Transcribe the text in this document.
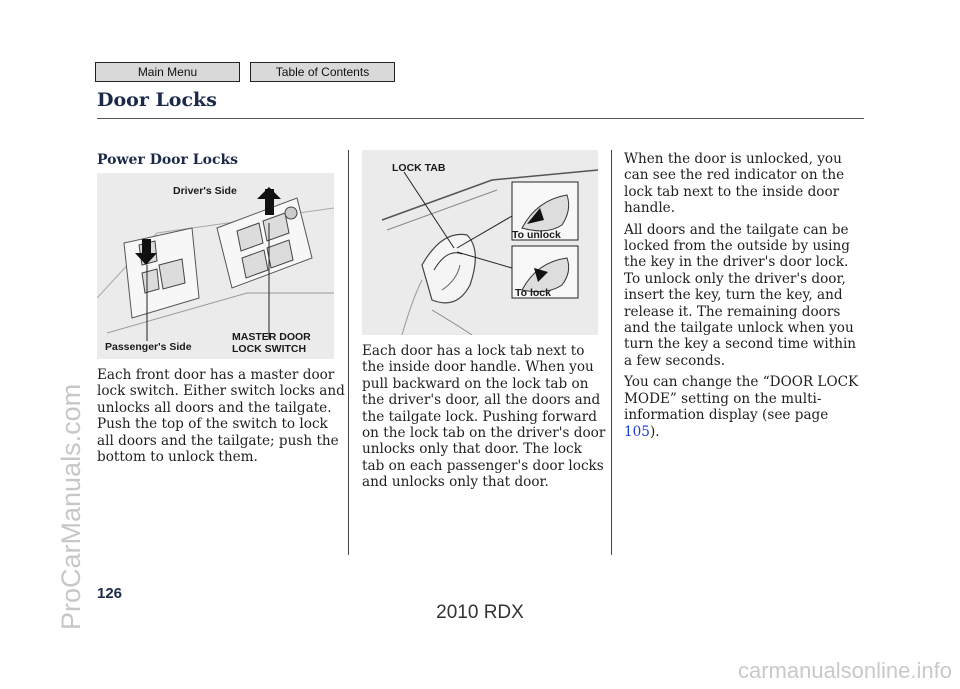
Main Menu	Table of Contents
Door Locks
Power Door Locks
Driver's Side
Passenger's Side
MASTER DOOR
LOCK SWITCH
LOCK TAB
To unlock
To lock

Each front door has a master door lock switch. Either switch locks and unlocks all doors and the tailgate. Push the top of the switch to lock all doors and the tailgate; push the bottom to unlock them.

Each door has a lock tab next to the inside door handle. When you pull backward on the lock tab on the driver's door, all the doors and the tailgate lock. Pushing forward on the lock tab on the driver's door unlocks only that door. The lock tab on each passenger's door locks and unlocks only that door.

When the door is unlocked, you can see the red indicator on the lock tab next to the inside door handle.

All doors and the tailgate can be locked from the outside by using the key in the driver's door lock. To unlock only the driver's door, insert the key, turn the key, and release it. The remaining doors and the tailgate unlock when you turn the key a second time within a few seconds.

You can change the “DOOR LOCK MODE” setting on the multi-information display (see page 105).

126
2010 RDX
ProCarManuals.com
carmanualsonline.info
